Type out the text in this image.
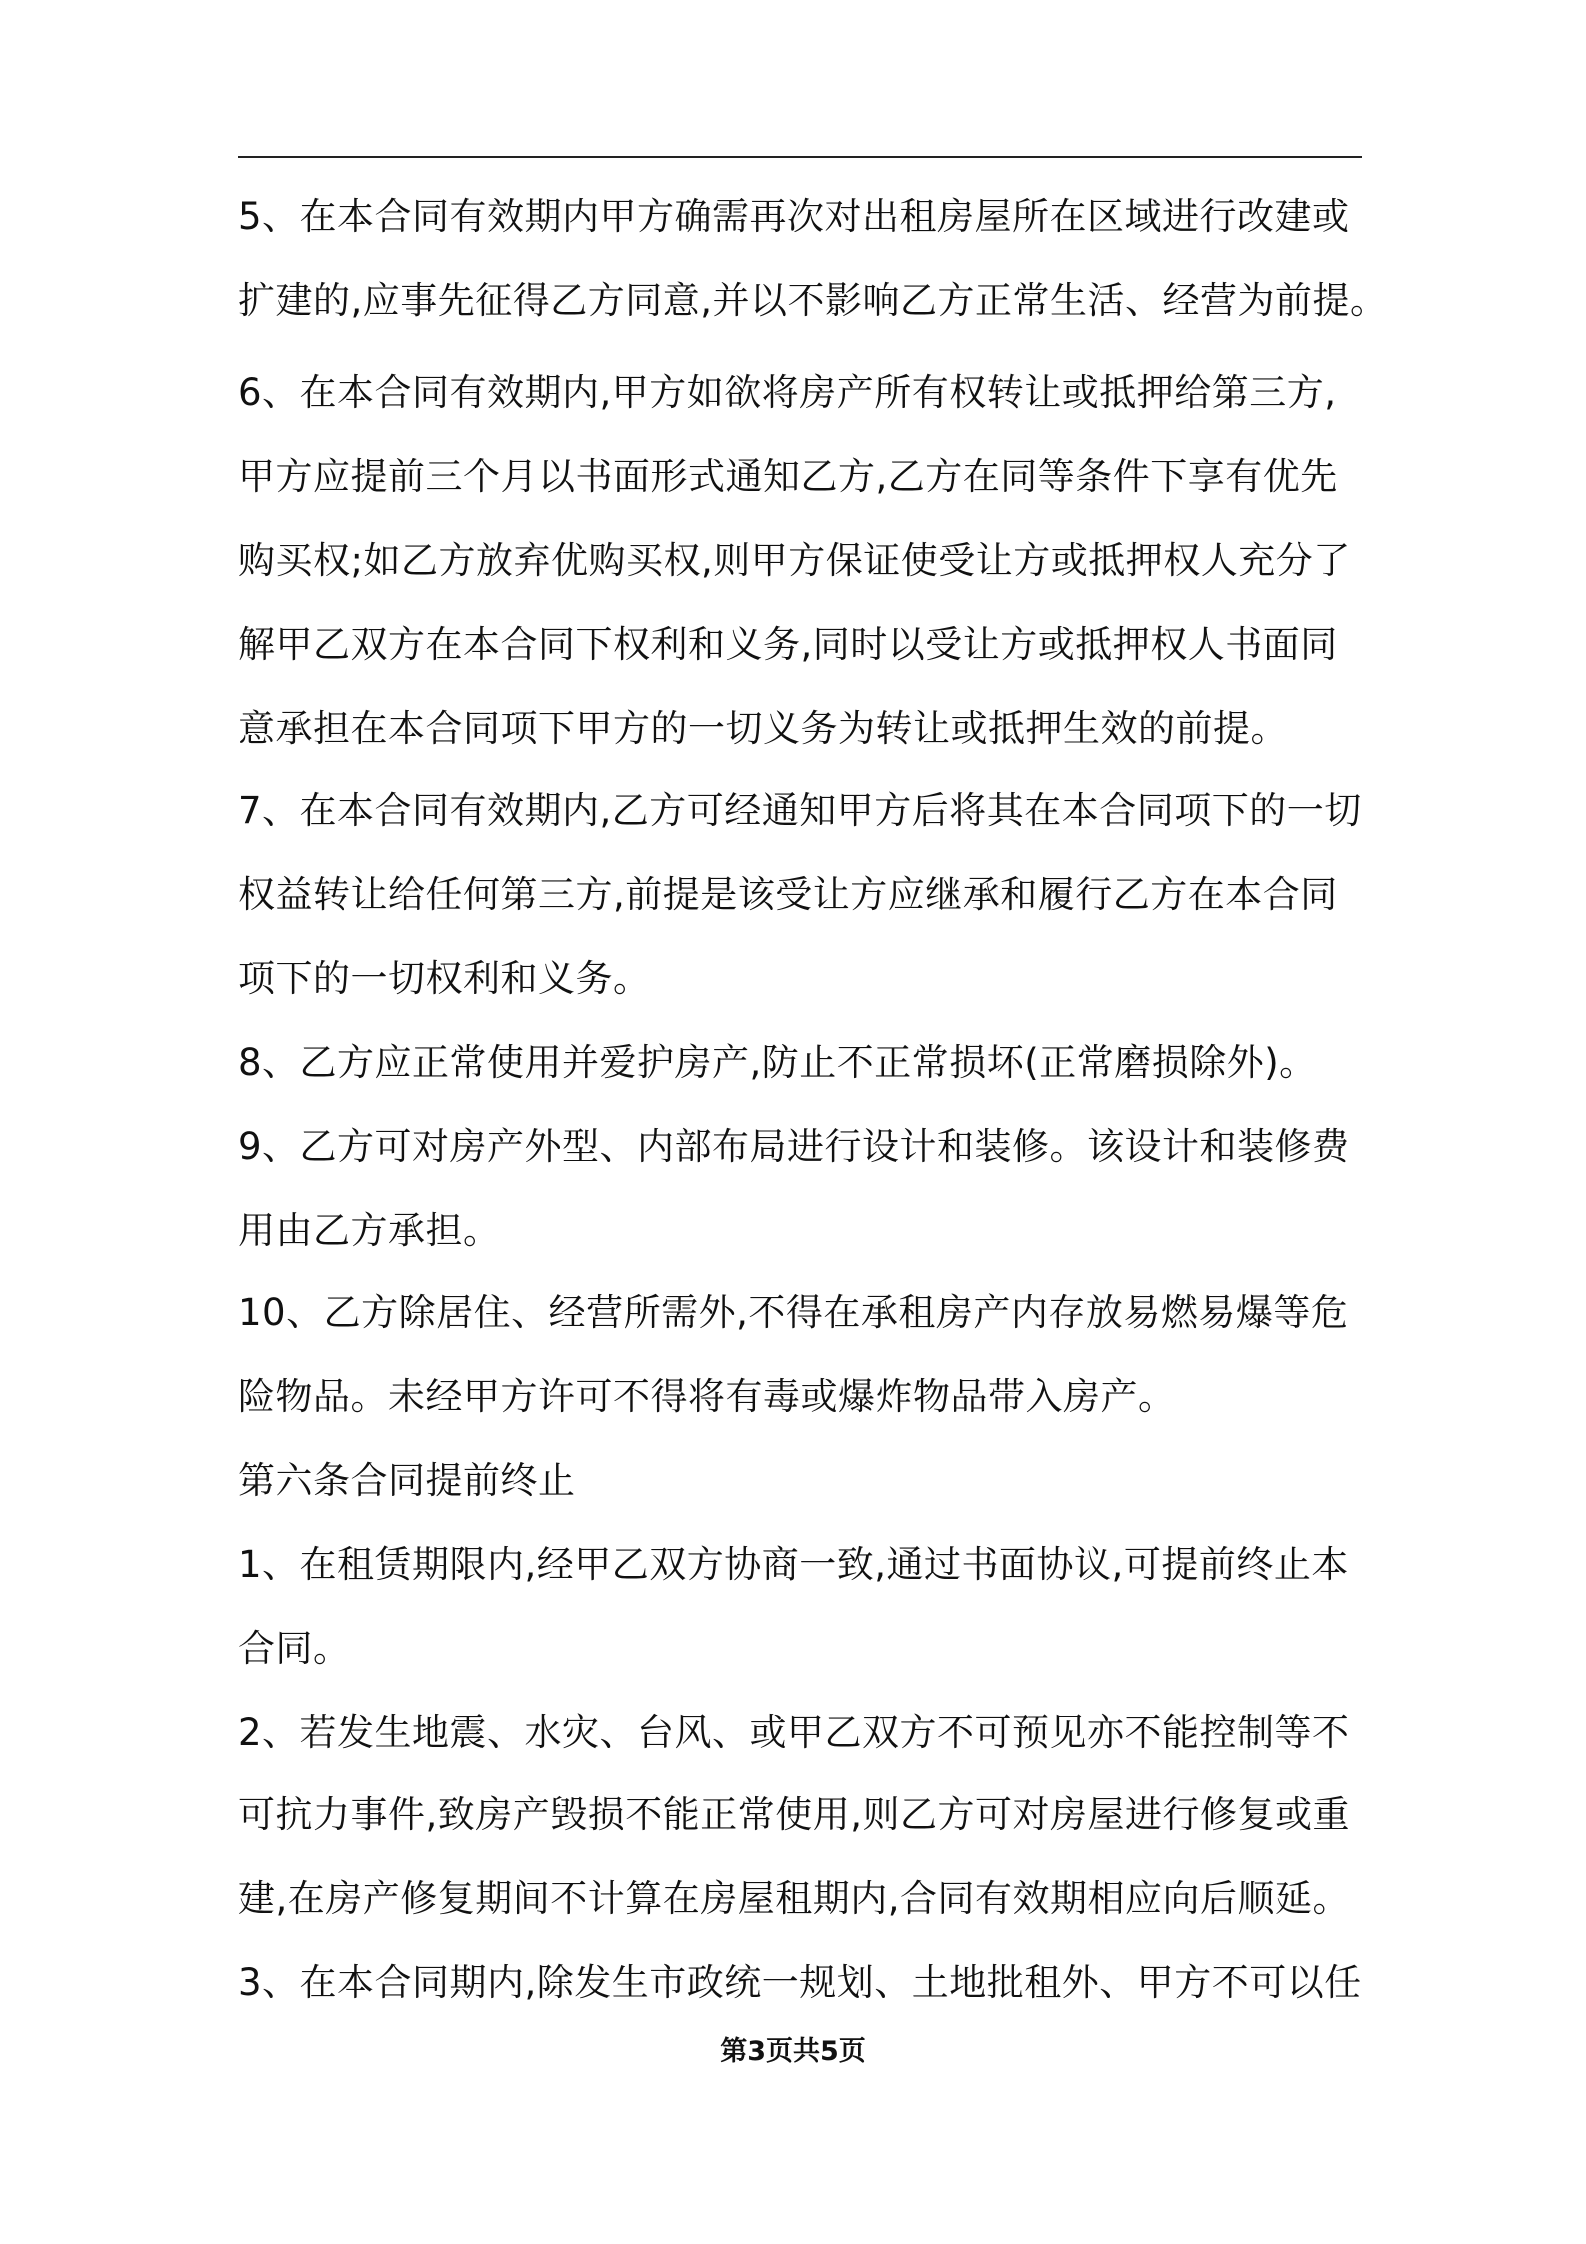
5、在本合同有效期内甲方确需再次对出租房屋所在区域进行改建或
扩建的,应事先征得乙方同意,并以不影响乙方正常生活、经营为前提。
6、在本合同有效期内,甲方如欲将房产所有权转让或抵押给第三方,
甲方应提前三个月以书面形式通知乙方,乙方在同等条件下享有优先
购买权;如乙方放弃优购买权,则甲方保证使受让方或抵押权人充分了
解甲乙双方在本合同下权利和义务,同时以受让方或抵押权人书面同
意承担在本合同项下甲方的一切义务为转让或抵押生效的前提。
7、在本合同有效期内,乙方可经通知甲方后将其在本合同项下的一切
权益转让给任何第三方,前提是该受让方应继承和履行乙方在本合同
项下的一切权利和义务。
8、乙方应正常使用并爱护房产,防止不正常损坏(正常磨损除外)。
9、乙方可对房产外型、内部布局进行设计和装修。该设计和装修费
用由乙方承担。
10、乙方除居住、经营所需外,不得在承租房产内存放易燃易爆等危
险物品。未经甲方许可不得将有毒或爆炸物品带入房产。
第六条合同提前终止
1、在租赁期限内,经甲乙双方协商一致,通过书面协议,可提前终止本
合同。
2、若发生地震、水灾、台风、或甲乙双方不可预见亦不能控制等不
可抗力事件,致房产毁损不能正常使用,则乙方可对房屋进行修复或重
建,在房产修复期间不计算在房屋租期内,合同有效期相应向后顺延。
3、在本合同期内,除发生市政统一规划、土地批租外、甲方不可以任
第3页共5页
